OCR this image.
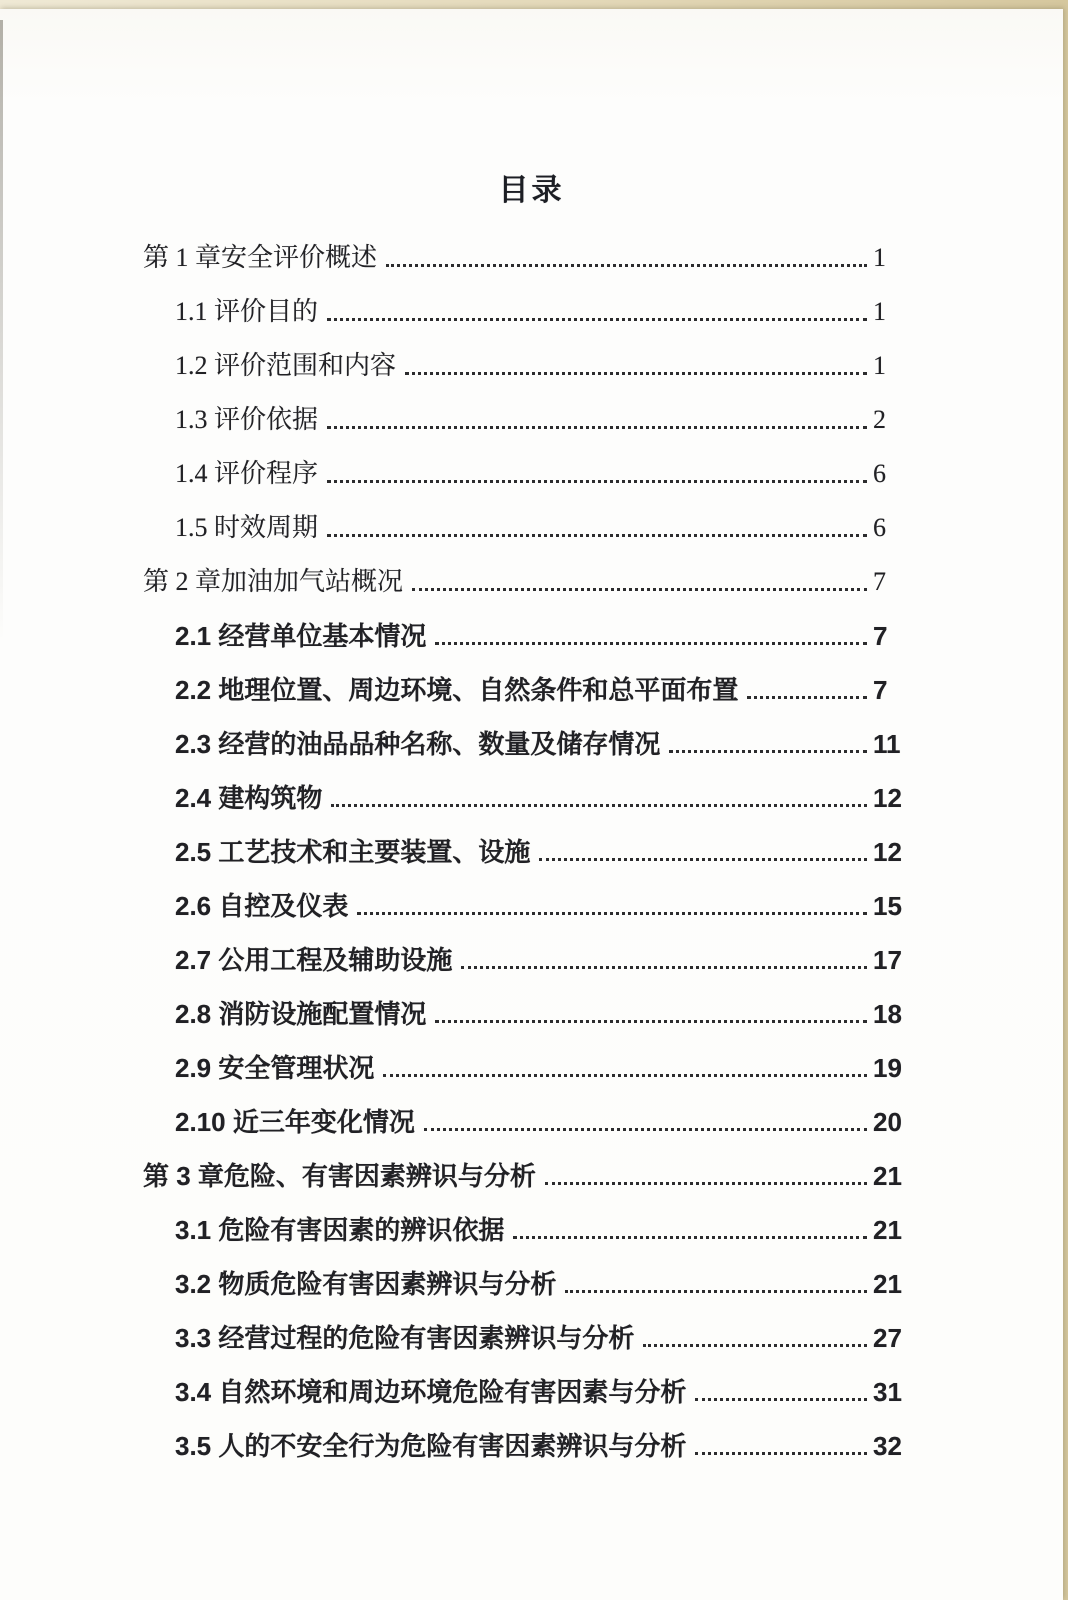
目录
第 1 章安全评价概述	1
1.1 评价目的	1
1.2 评价范围和内容	1
1.3 评价依据	2
1.4 评价程序	6
1.5 时效周期	6
第 2 章加油加气站概况	7
2.1 经营单位基本情况	7
2.2 地理位置、周边环境、自然条件和总平面布置	7
2.3 经营的油品品种名称、数量及储存情况	11
2.4 建构筑物	12
2.5 工艺技术和主要装置、设施	12
2.6 自控及仪表	15
2.7 公用工程及辅助设施	17
2.8 消防设施配置情况	18
2.9 安全管理状况	19
2.10 近三年变化情况	20
第 3 章危险、有害因素辨识与分析	21
3.1 危险有害因素的辨识依据	21
3.2 物质危险有害因素辨识与分析	21
3.3 经营过程的危险有害因素辨识与分析	27
3.4 自然环境和周边环境危险有害因素与分析	31
3.5 人的不安全行为危险有害因素辨识与分析	32
